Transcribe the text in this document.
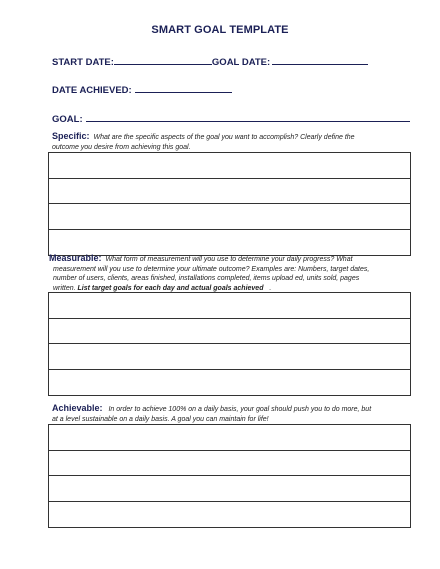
SMART GOAL TEMPLATE
START DATE:	GOAL DATE:
DATE ACHIEVED:
GOAL:
Specific: What are the specific aspects of the goal you want to accomplish? Clearly define the
outcome you desire from achieving this goal.
Measurable: What form of measurement will you use to determine your daily progress? What
measurement will you use to determine your ultimate outcome? Examples are: Numbers, target dates,
number of users, clients, areas finished, installations completed, items upload ed, units sold, pages
written. List target goals for each day and actual goals achieved .
Achievable: In order to achieve 100% on a daily basis, your goal should push you to do more, but
at a level sustainable on a daily basis. A goal you can maintain for life!
